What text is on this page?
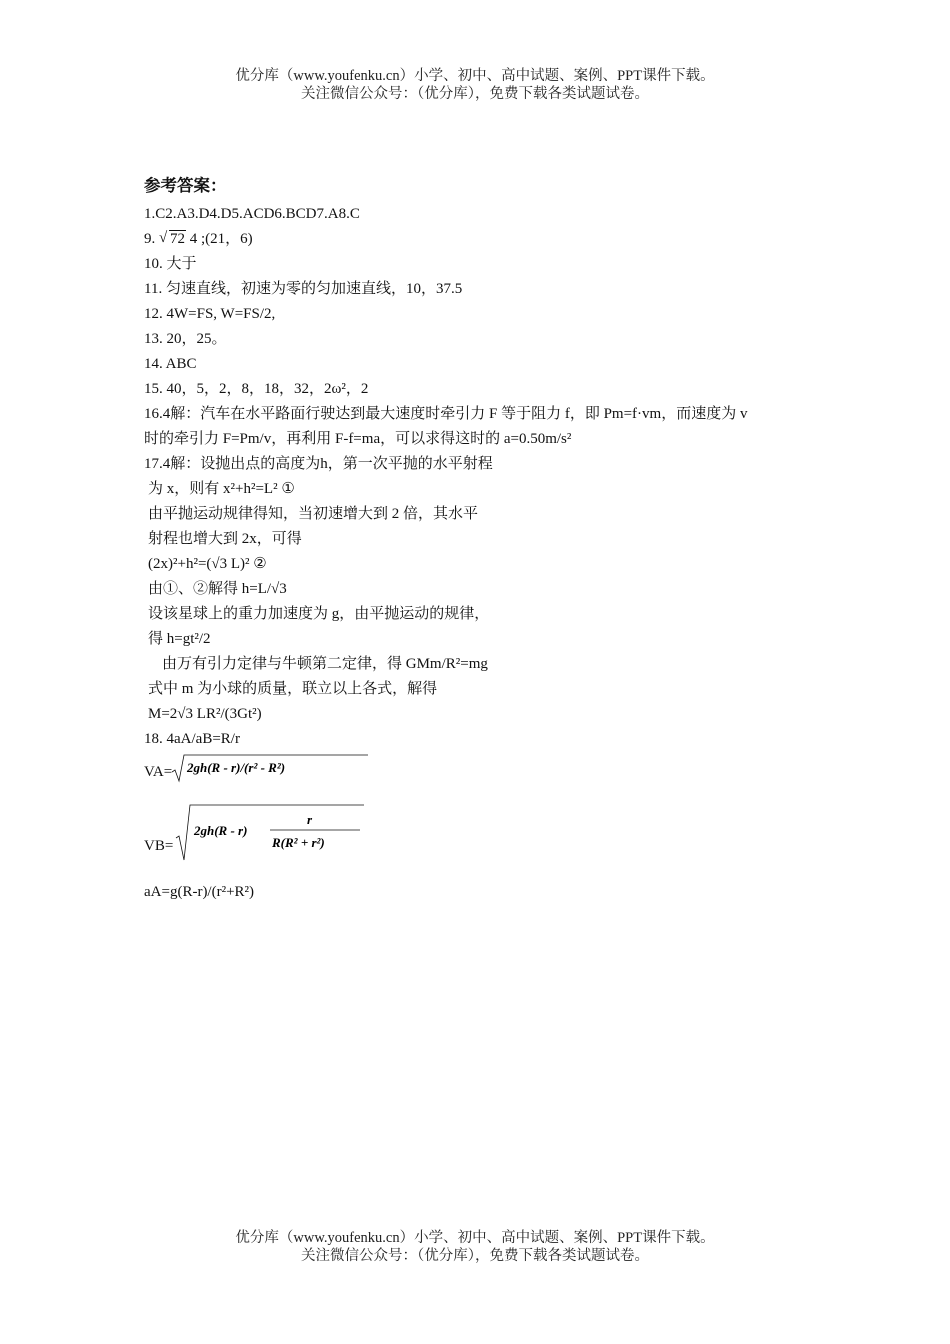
优分库（www.youfenku.cn）小学、初中、高中试题、案例、PPT课件下载。
关注微信公众号：（优分库），免费下载各类试题试卷。
参考答案：
1.C2.A3.D4.D5.ACD6.BCD7.A8.C
9. √ 72 4 ;(21，6)
10. 大于
11. 匀速直线，初速为零的匀加速直线，10，37.5
12. 4W=FS, W=FS/2,
13. 20，25。
14. ABC
15. 40，5，2，8，18，32，2ω²，2
16.4解：汽车在水平路面行驶达到最大速度时牵引力 F 等于阻力 f，即 Pm=f·vm，而速度为 v
时的牵引力 F=Pm/v，再利用 F-f=ma，可以求得这时的 a=0.50m/s²
17.4解：设抛出点的高度为h，第一次平抛的水平射程
为 x，则有 x²+h²=L² ①
由平抛运动规律得知，当初速增大到 2 倍，其水平
射程也增大到 2x，可得
(2x)²+h²=(√3 L)² ②
由①、②解得 h=L/√3
设该星球上的重力加速度为 g，由平抛运动的规律，
得 h=gt²/2
由万有引力定律与牛顿第二定律，得 GMm/R²=mg
式中 m 为小球的质量，联立以上各式，解得
M=2√3 LR²/(3Gt²)
18. 4aA/aB=R/r
VA= 2gh(R - r)/(r² - R²)
VB=
2gh(R - r)
r
R(R² + r²)
aA=g(R-r)/(r²+R²)
优分库（www.youfenku.cn）小学、初中、高中试题、案例、PPT课件下载。
关注微信公众号：（优分库），免费下载各类试题试卷。
